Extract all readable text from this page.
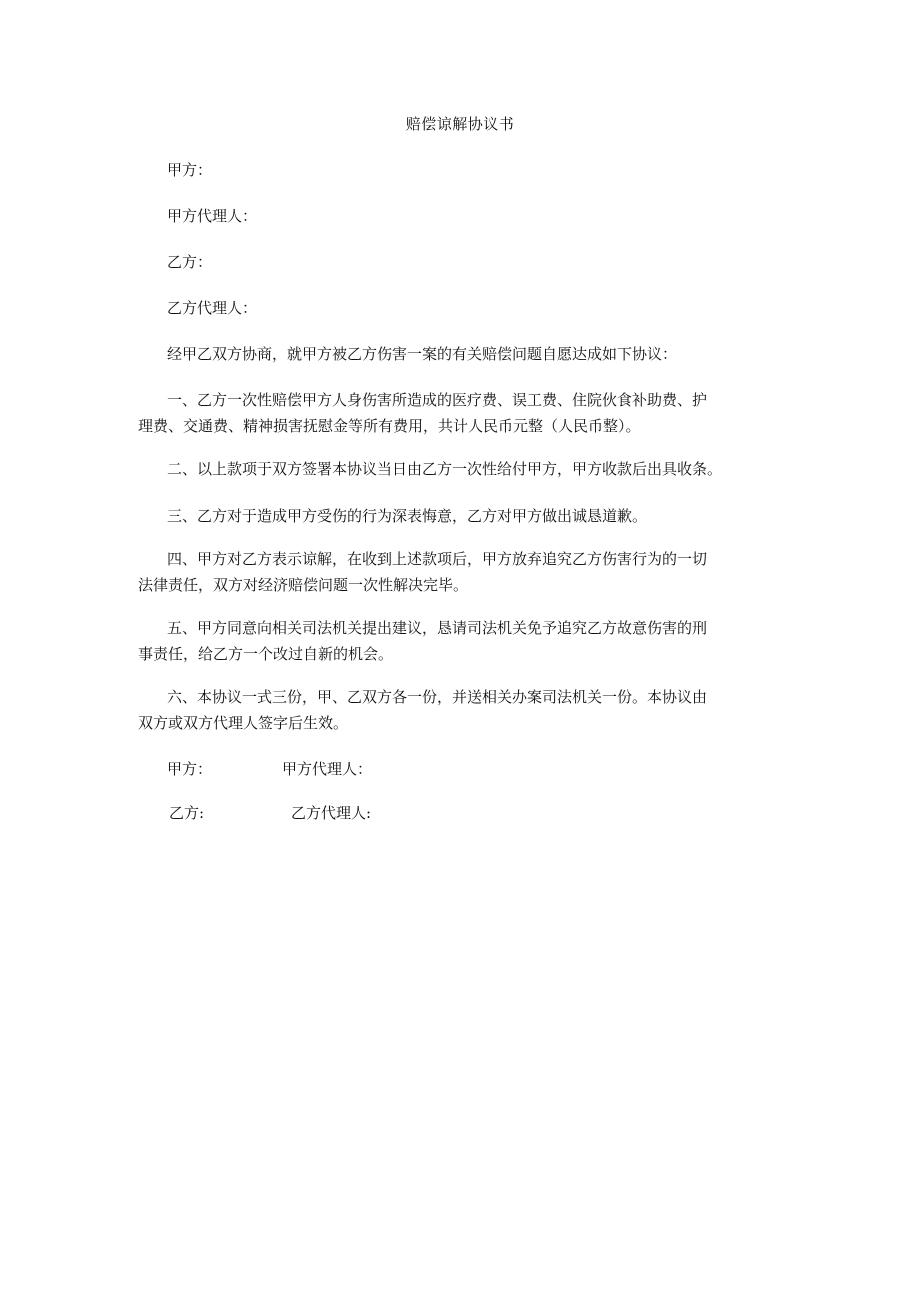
赔偿谅解协议书
甲方：
甲方代理人：
乙方：
乙方代理人：
经甲乙双方协商，就甲方被乙方伤害一案的有关赔偿问题自愿达成如下协议：
一、乙方一次性赔偿甲方人身伤害所造成的医疗费、误工费、住院伙食补助费、护
理费、交通费、精神损害抚慰金等所有费用，共计人民币元整（人民币整）。
二、以上款项于双方签署本协议当日由乙方一次性给付甲方，甲方收款后出具收条。
三、乙方对于造成甲方受伤的行为深表悔意，乙方对甲方做出诚恳道歉。
四、甲方对乙方表示谅解，在收到上述款项后，甲方放弃追究乙方伤害行为的一切
法律责任，双方对经济赔偿问题一次性解决完毕。
五、甲方同意向相关司法机关提出建议，恳请司法机关免予追究乙方故意伤害的刑
事责任，给乙方一个改过自新的机会。
六、本协议一式三份，甲、乙双方各一份，并送相关办案司法机关一份。本协议由
双方或双方代理人签字后生效。
甲方：	甲方代理人：
乙方:	乙方代理人:
